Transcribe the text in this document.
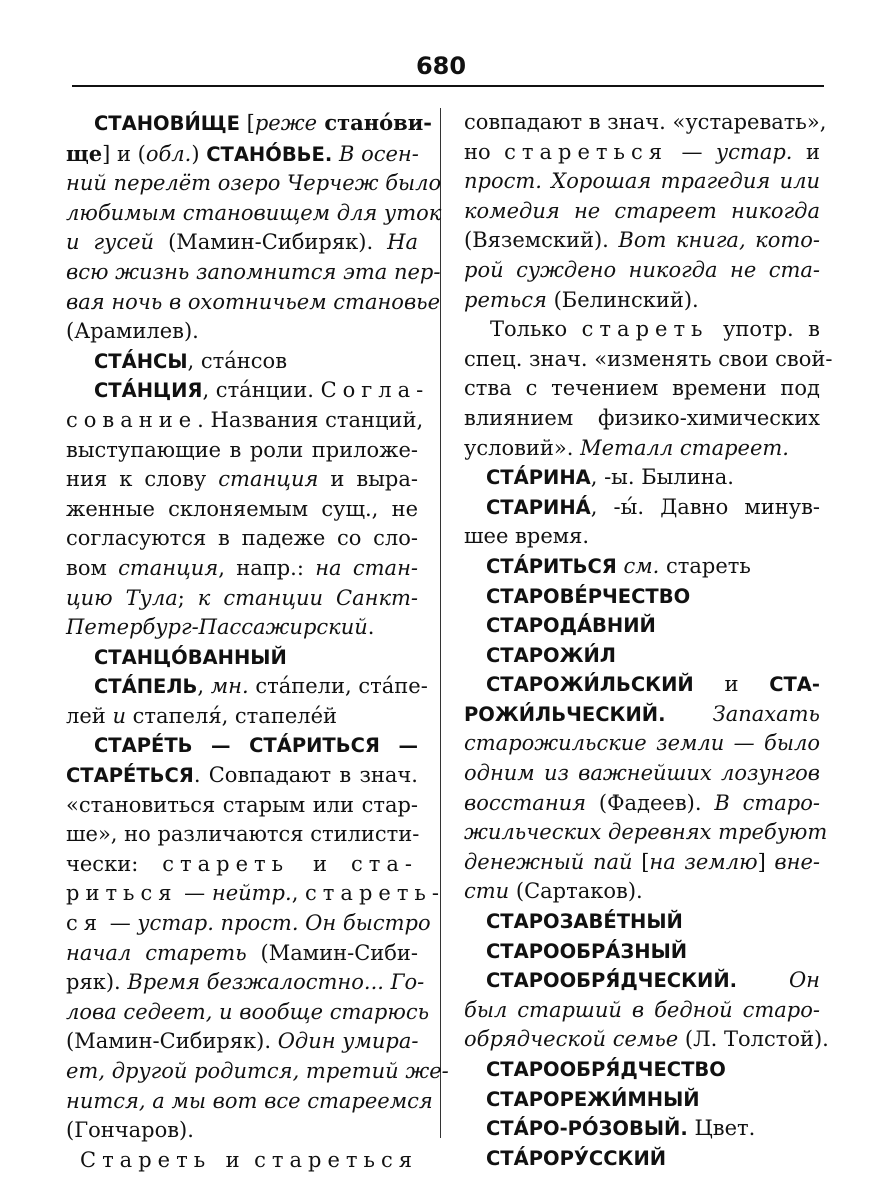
680
СТАНОВИ́ЩЕ [реже стано́ви-
ще] и (обл.) СТАНО́ВЬЕ. В осен-
ний перелёт озеро Черчеж было
любимым становищем для уток
и гусей (Мамин-Сибиряк). На
всю жизнь запомнится эта пер-
вая ночь в охотничьем становье
(Арамилев).
СТА́НСЫ, ста́нсов
СТА́НЦИЯ, ста́нции. Согла-
сование. Названия станций,
выступающие в роли приложе-
ния к слову станция и выра-
женные склоняемым сущ., не
согласуются в падеже со сло-
вом станция, напр.: на стан-
цию Тула; к станции Санкт-
Петербург-Пассажирский.
СТАНЦО́ВАННЫЙ
СТА́ПЕЛЬ, мн. ста́пели, ста́пе-
лей и стапеля́, стапеле́й
СТАРЕ́ТЬ — СТА́РИТЬСЯ —
СТАРЕ́ТЬСЯ. Совпадают в знач.
«становиться старым или стар-
ше», но различаются стилисти-
чески: стареть и ста-
риться — нейтр., стареть-
ся — устар. прост. Он быстро
начал стареть (Мамин-Сиби-
ряк). Время безжалостно... Го-
лова седеет, и вообще старюсь
(Мамин-Сибиряк). Один умира-
ет, другой родится, третий же-
нится, а мы вот все стареемся
(Гончаров).
Стареть и стареться
совпадают в знач. «устаревать»,
но стареться — устар. и
прост. Хорошая трагедия или
комедия не стареет никогда
(Вяземский). Вот книга, кото-
рой суждено никогда не ста-
реться (Белинский).
Только стареть употр. в
спец. знач. «изменять свои свой-
ства с течением времени под
влиянием физико-химических
условий». Металл стареет.
СТА́РИНА, -ы. Былина.
СТАРИНА́, -ы́. Давно минув-
шее время.
СТА́РИТЬСЯ см. стареть
СТАРОВЕ́РЧЕСТВО
СТАРОДА́ВНИЙ
СТАРОЖИ́Л
СТАРОЖИ́ЛЬСКИЙ и СТА-
РОЖИ́ЛЬЧЕСКИЙ. Запахать
старожильские земли — было
одним из важнейших лозунгов
восстания (Фадеев). В старо-
жильческих деревнях требуют
денежный пай [на землю] вне-
сти (Сартаков).
СТАРОЗАВЕ́ТНЫЙ
СТАРООБРА́ЗНЫЙ
СТАРООБРЯ́ДЧЕСКИЙ. Он
был старший в бедной старо-
обрядческой семье (Л. Толстой).
СТАРООБРЯ́ДЧЕСТВО
СТАРОРЕЖИ́МНЫЙ
СТА́РО-РО́ЗОВЫЙ. Цвет.
СТА́РОРУ́ССКИЙ
